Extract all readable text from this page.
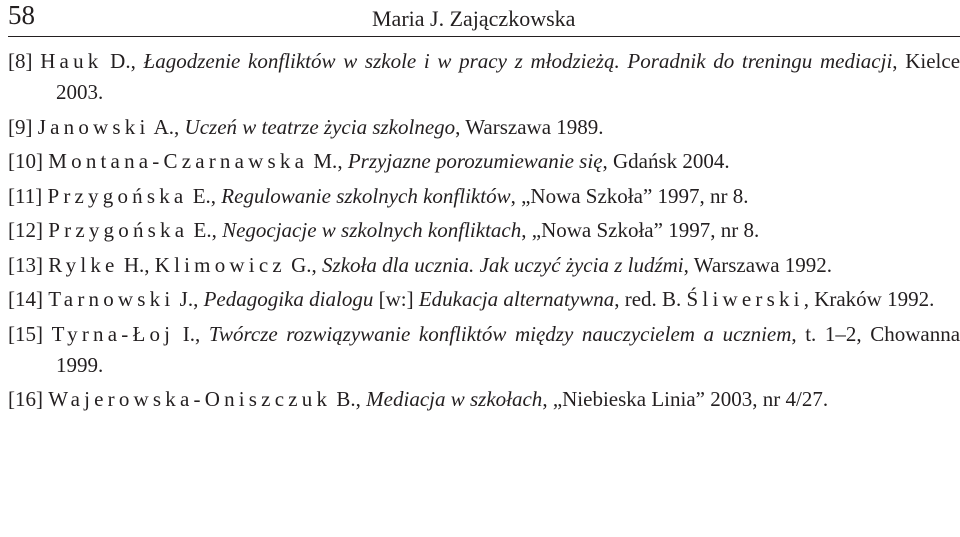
58	Maria J. Zajączkowska
[8] Hauk D., Łagodzenie konfliktów w szkole i w pracy z młodzieżą. Poradnik do treningu mediacji, Kielce 2003.
[9] Janowski A., Uczeń w teatrze życia szkolnego, Warszawa 1989.
[10] Montana-Czarnawska M., Przyjazne porozumiewanie się, Gdańsk 2004.
[11] Przygońska E., Regulowanie szkolnych konfliktów, „Nowa Szkoła” 1997, nr 8.
[12] Przygońska E., Negocjacje w szkolnych konfliktach, „Nowa Szkoła” 1997, nr 8.
[13] Rylke H., Klimowicz G., Szkoła dla ucznia. Jak uczyć życia z ludźmi, Warszawa 1992.
[14] Tarnowski J., Pedagogika dialogu [w:] Edukacja alternatywna, red. B. Śliwerski, Kraków 1992.
[15] Tyrna-Łoj I., Twórcze rozwiązywanie konfliktów między nauczycielem a uczniem, t. 1–2, Chowanna 1999.
[16] Wajerowska-Oniszczuk B., Mediacja w szkołach, „Niebieska Linia” 2003, nr 4/27.
